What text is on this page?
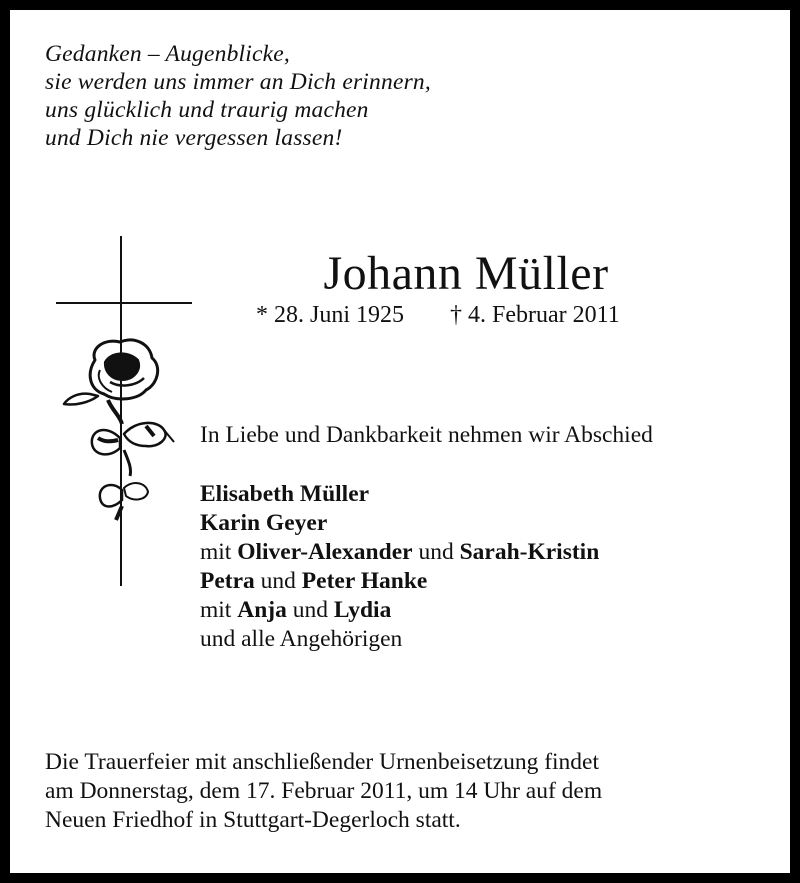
Gedanken – Augenblicke,
sie werden uns immer an Dich erinnern,
uns glücklich und traurig machen
und Dich nie vergessen lassen!
Johann Müller
* 28. Juni 1925 † 4. Februar 2011
In Liebe und Dankbarkeit nehmen wir Abschied
Elisabeth Müller
Karin Geyer
mit Oliver-Alexander und Sarah-Kristin
Petra und Peter Hanke
mit Anja und Lydia
und alle Angehörigen
Die Trauerfeier mit anschließender Urnenbeisetzung findet
am Donnerstag, dem 17. Februar 2011, um 14 Uhr auf dem
Neuen Friedhof in Stuttgart-Degerloch statt.
